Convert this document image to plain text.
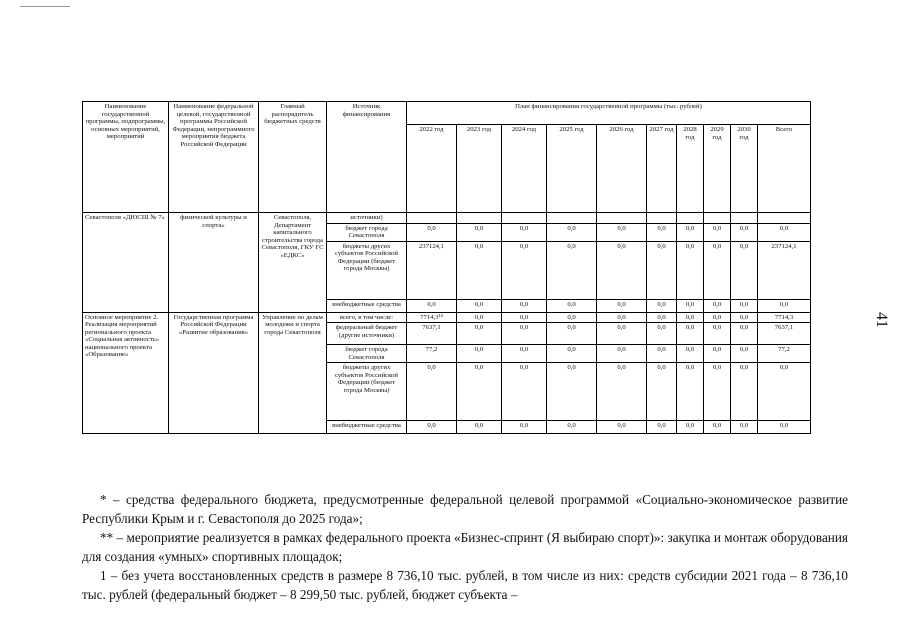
41
Наименование государственной программы, подпрограммы, основных мероприятий, мероприятий	Наименование федеральной целевой, государственной программы Российской Федерации, непрограммного мероприятия бюджета Российской Федерации	Главный распорядитель бюджетных средств	Источник финансирования	План финансирования государственной программы (тыс. рублей)									
				2022 год	2023 год	2024 год	2025 год	2026 год	2027 год	2028 год	2029 год	2030 год	Всего
Севастополя «ДЮСШ № 7»	физической культуры и спорта»	Севастополя, Департамент капитального строительства города Севастополя, ГКУ ГС «ЕДКС»	источники)										
			бюджет города Севастополя	0,0	0,0	0,0	0,0	0,0	0,0	0,0	0,0	0,0	0,0
			бюджеты других субъектов Российской Федерации (бюджет города Москвы)	237124,1	0,0	0,0	0,0	0,0	0,0	0,0	0,0	0,0	237124,1
			внебюджетные средства	0,0	0,0	0,0	0,0	0,0	0,0	0,0	0,0	0,0	0,0
Основное мероприятие 2. Реализация мероприятий регионального проекта «Социальная активность» национального проекта «Образование»	Государственная программа Российской Федерации «Развитие образования»	Управление по делам молодежи и спорта города Севастополя	всего, в том числе:	7714,3¹⁴	0,0	0,0	0,0	0,0	0,0	0,0	0,0	0,0	7714,3
			федеральный бюджет (другие источники)	7637,1	0,0	0,0	0,0	0,0	0,0	0,0	0,0	0,0	7637,1
			бюджет города Севастополя	77,2	0,0	0,0	0,0	0,0	0,0	0,0	0,0	0,0	77,2
			бюджеты других субъектов Российской Федерации (бюджет города Москвы)	0,0	0,0	0,0	0,0	0,0	0,0	0,0	0,0	0,0	0,0
			внебюджетные средства	0,0	0,0	0,0	0,0	0,0	0,0	0,0	0,0	0,0	0,0

* – средства федерального бюджета, предусмотренные федеральной целевой программой «Социально-экономическое развитие Республики Крым и г. Севастополя до 2025 года»;

** – мероприятие реализуется в рамках федерального проекта «Бизнес-спринт (Я выбираю спорт)»: закупка и монтаж оборудования для создания «умных» спортивных площадок;

1 – без учета восстановленных средств в размере 8 736,10 тыс. рублей, в том числе из них: средств субсидии 2021 года – 8 736,10 тыс. рублей (федеральный бюджет – 8 299,50 тыс. рублей, бюджет субъекта –
